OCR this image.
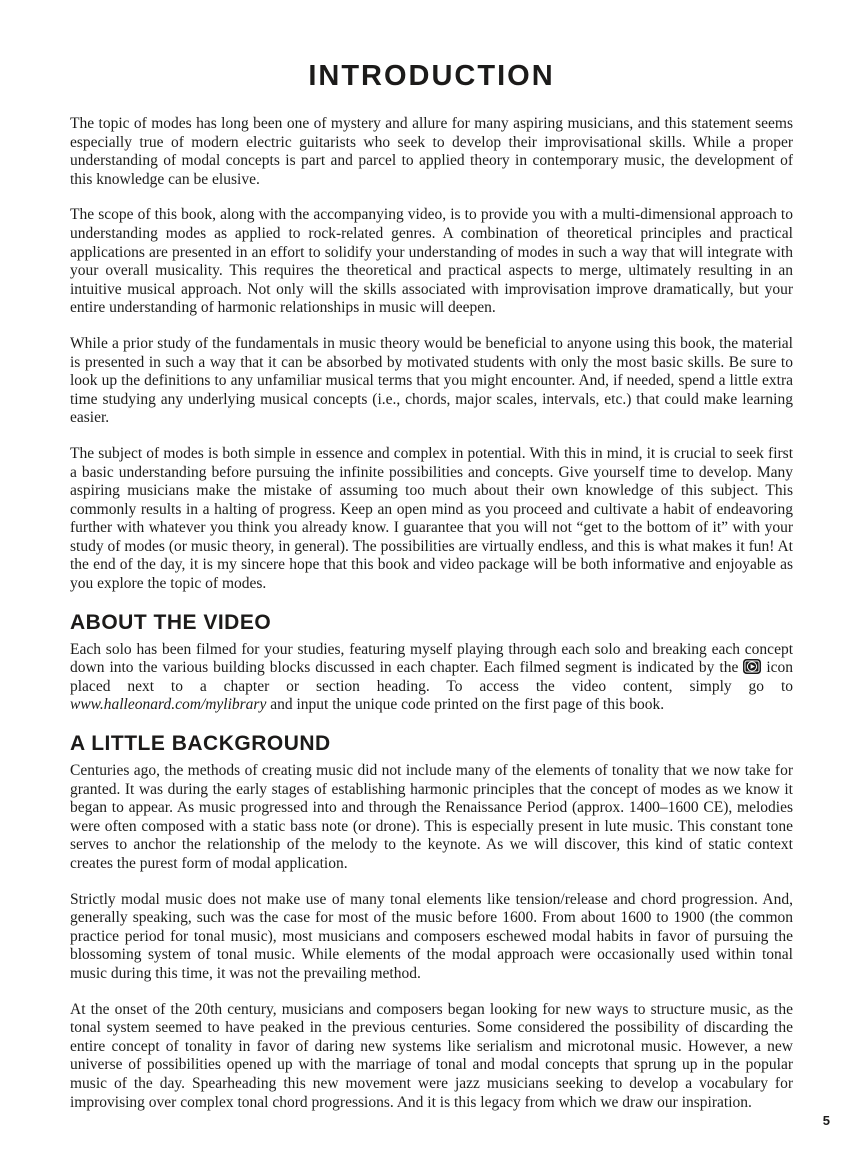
INTRODUCTION

The topic of modes has long been one of mystery and allure for many aspiring musicians, and this statement seems especially true of modern electric guitarists who seek to develop their improvisational skills. While a proper understanding of modal concepts is part and parcel to applied theory in contemporary music, the development of this knowledge can be elusive.

The scope of this book, along with the accompanying video, is to provide you with a multi-dimensional approach to understanding modes as applied to rock-related genres. A combination of theoretical principles and practical applications are presented in an effort to solidify your understanding of modes in such a way that will integrate with your overall musicality. This requires the theoretical and practical aspects to merge, ultimately resulting in an intuitive musical approach. Not only will the skills associated with improvisation improve dramatically, but your entire understanding of harmonic relationships in music will deepen.

While a prior study of the fundamentals in music theory would be beneficial to anyone using this book, the material is presented in such a way that it can be absorbed by motivated students with only the most basic skills. Be sure to look up the definitions to any unfamiliar musical terms that you might encounter. And, if needed, spend a little extra time studying any underlying musical concepts (i.e., chords, major scales, intervals, etc.) that could make learning easier.

The subject of modes is both simple in essence and complex in potential. With this in mind, it is crucial to seek first a basic understanding before pursuing the infinite possibilities and concepts. Give yourself time to develop. Many aspiring musicians make the mistake of assuming too much about their own knowledge of this subject. This commonly results in a halting of progress. Keep an open mind as you proceed and cultivate a habit of endeavoring further with whatever you think you already know. I guarantee that you will not “get to the bottom of it” with your study of modes (or music theory, in general). The possibilities are virtually endless, and this is what makes it fun! At the end of the day, it is my sincere hope that this book and video package will be both informative and enjoyable as you explore the topic of modes.

ABOUT THE VIDEO

Each solo has been filmed for your studies, featuring myself playing through each solo and breaking each concept down into the various building blocks discussed in each chapter. Each filmed segment is indicated by the icon placed next to a chapter or section heading. To access the video content, simply go to www.halleonard.com/mylibrary and input the unique code printed on the first page of this book.

A LITTLE BACKGROUND

Centuries ago, the methods of creating music did not include many of the elements of tonality that we now take for granted. It was during the early stages of establishing harmonic principles that the concept of modes as we know it began to appear. As music progressed into and through the Renaissance Period (approx. 1400–1600 CE), melodies were often composed with a static bass note (or drone). This is especially present in lute music. This constant tone serves to anchor the relationship of the melody to the keynote. As we will discover, this kind of static context creates the purest form of modal application.

Strictly modal music does not make use of many tonal elements like tension/release and chord progression. And, generally speaking, such was the case for most of the music before 1600. From about 1600 to 1900 (the common practice period for tonal music), most musicians and composers eschewed modal habits in favor of pursuing the blossoming system of tonal music. While elements of the modal approach were occasionally used within tonal music during this time, it was not the prevailing method.

At the onset of the 20th century, musicians and composers began looking for new ways to structure music, as the tonal system seemed to have peaked in the previous centuries. Some considered the possibility of discarding the entire concept of tonality in favor of daring new systems like serialism and microtonal music. However, a new universe of possibilities opened up with the marriage of tonal and modal concepts that sprung up in the popular music of the day. Spearheading this new movement were jazz musicians seeking to develop a vocabulary for improvising over complex tonal chord progressions. And it is this legacy from which we draw our inspiration.

5
